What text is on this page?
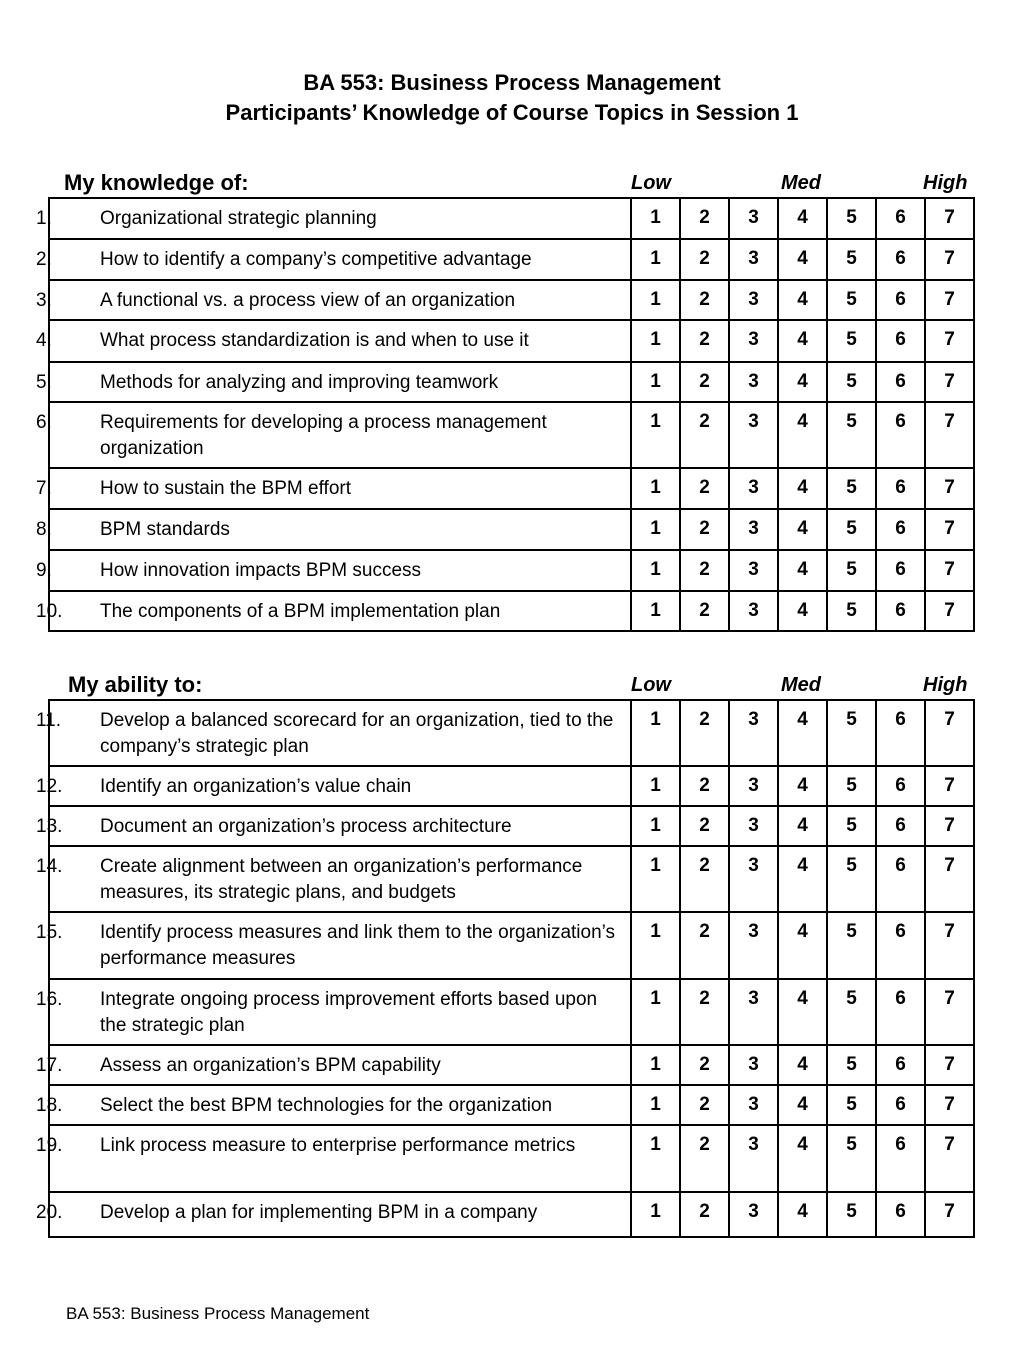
BA 553: Business Process Management
Participants’ Knowledge of Course Topics in Session 1
My knowledge of:	Low	Med	High
1. Organizational strategic planning	1	2	3	4	5	6	7

2. How to identify a company’s competitive advantage	1	2	3	4	5	6	7

3. A functional vs. a process view of an organization	1	2	3	4	5	6	7

4. What process standardization is and when to use it	1	2	3	4	5	6	7

5. Methods for analyzing and improving teamwork	1	2	3	4	5	6	7

6. Requirements for developing a process management organization	1	2	3	4	5	6	7

7. How to sustain the BPM effort	1	2	3	4	5	6	7

8. BPM standards	1	2	3	4	5	6	7

9. How innovation impacts BPM success	1	2	3	4	5	6	7

10. The components of a BPM implementation plan	1	2	3	4	5	6	7
My ability to:	Low	Med	High
11. Develop a balanced scorecard for an organization, tied to the company’s strategic plan	1	2	3	4	5	6	7

12. Identify an organization’s value chain	1	2	3	4	5	6	7

13. Document an organization’s process architecture	1	2	3	4	5	6	7

14. Create alignment between an organization’s performance measures, its strategic plans, and budgets	1	2	3	4	5	6	7

15. Identify process measures and link them to the organization’s performance measures	1	2	3	4	5	6	7

16. Integrate ongoing process improvement efforts based upon the strategic plan	1	2	3	4	5	6	7

17. Assess an organization’s BPM capability	1	2	3	4	5	6	7

18. Select the best BPM technologies for the organization	1	2	3	4	5	6	7

19. Link process measure to enterprise performance metrics	1	2	3	4	5	6	7

20. Develop a plan for implementing BPM in a company	1	2	3	4	5	6	7
BA 553: Business Process Management
